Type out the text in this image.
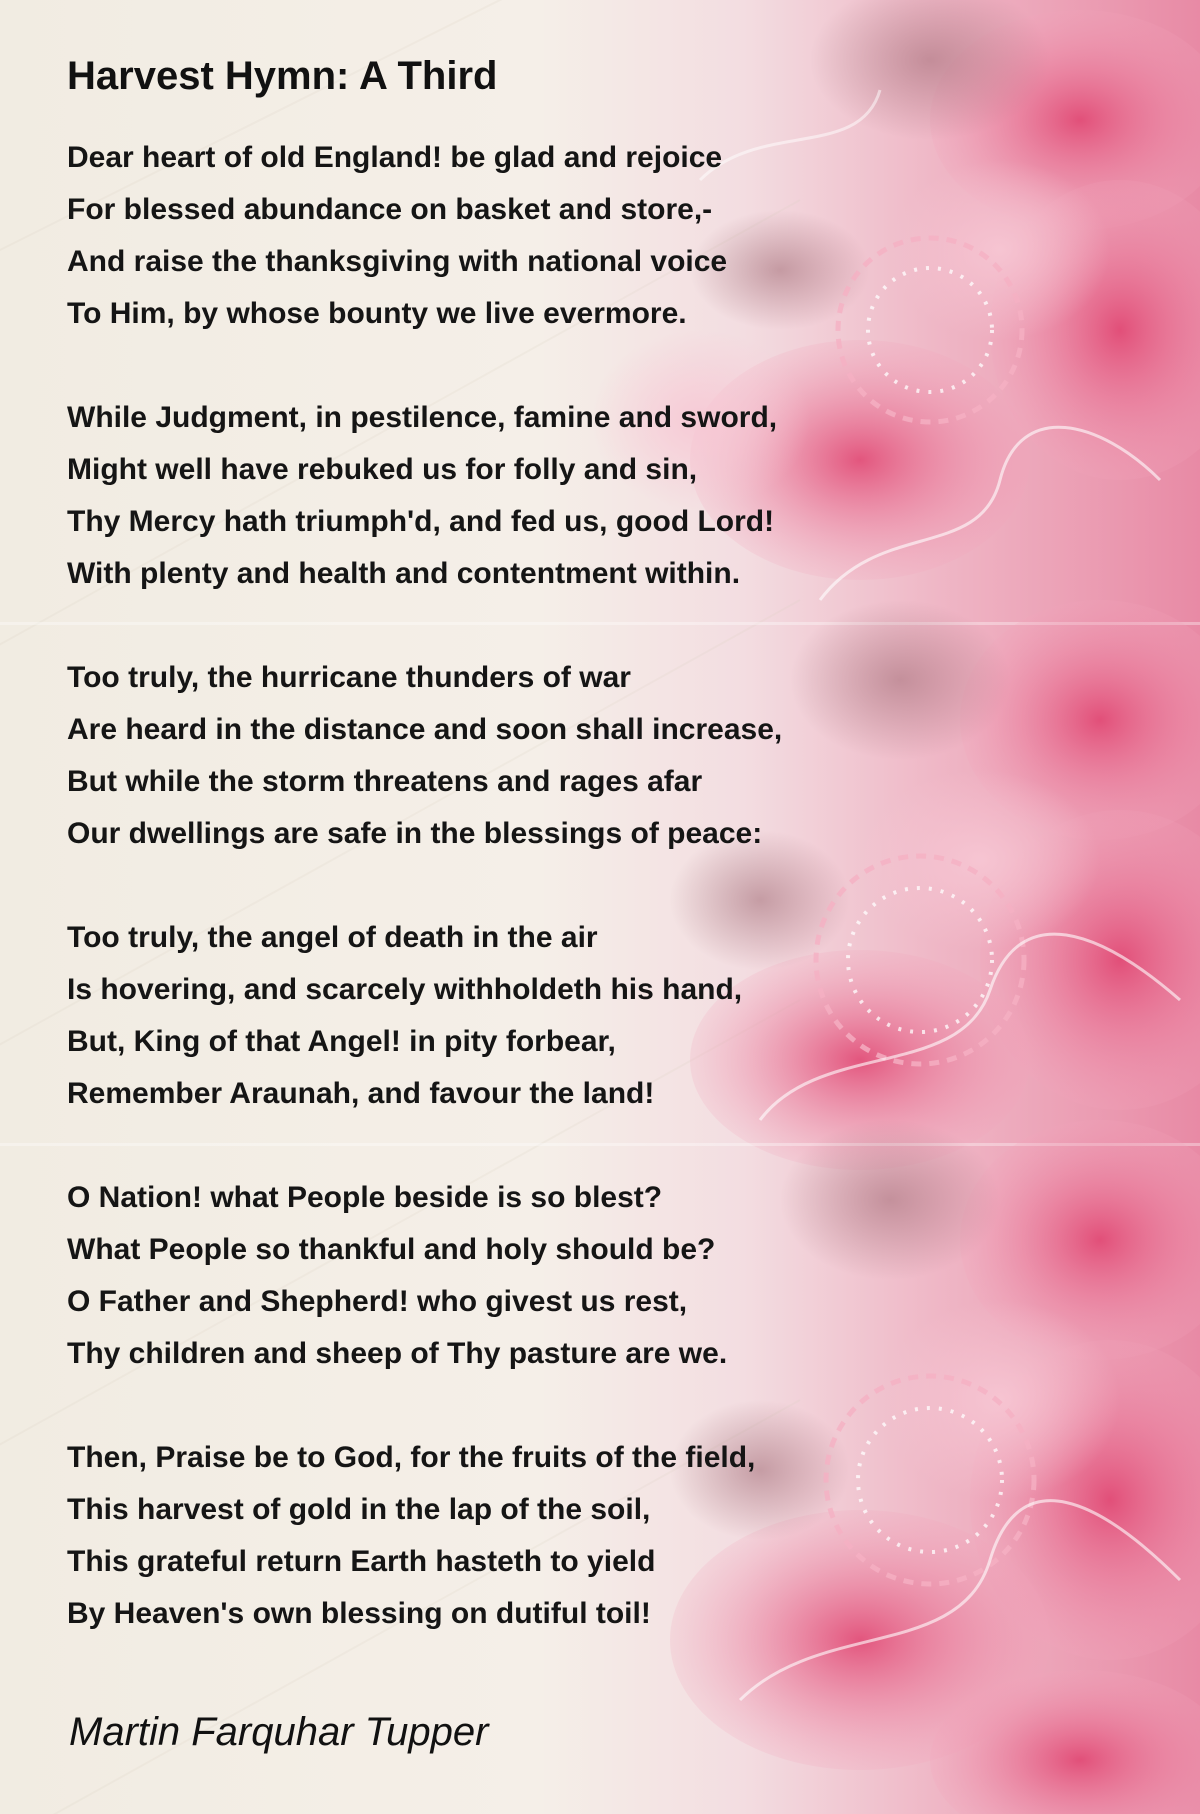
Harvest Hymn: A Third
Dear heart of old England! be glad and rejoice
For blessed abundance on basket and store,-
And raise the thanksgiving with national voice
To Him, by whose bounty we live evermore.
While Judgment, in pestilence, famine and sword,
Might well have rebuked us for folly and sin,
Thy Mercy hath triumph'd, and fed us, good Lord!
With plenty and health and contentment within.
Too truly, the hurricane thunders of war
Are heard in the distance and soon shall increase,
But while the storm threatens and rages afar
Our dwellings are safe in the blessings of peace:
Too truly, the angel of death in the air
Is hovering, and scarcely withholdeth his hand,
But, King of that Angel! in pity forbear,
Remember Araunah, and favour the land!
O Nation! what People beside is so blest?
What People so thankful and holy should be?
O Father and Shepherd! who givest us rest,
Thy children and sheep of Thy pasture are we.
Then, Praise be to God, for the fruits of the field,
This harvest of gold in the lap of the soil,
This grateful return Earth hasteth to yield
By Heaven's own blessing on dutiful toil!
Martin Farquhar Tupper
